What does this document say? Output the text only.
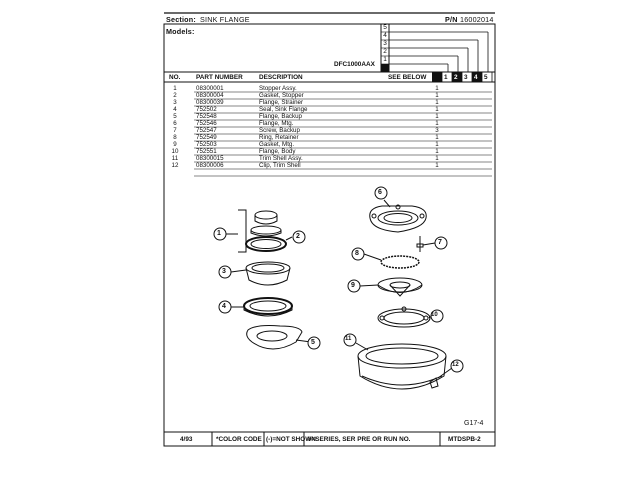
Section: SINK FLANGE	P/N 16002014
Models:
DFC1000AAX
5
4
3
2
1
NO. PART NUMBER	DESCRIPTION	SEE BELOW	1 2 3 4 5
1	08300001	Stopper Assy.	1
2	08300004	Gasket, Stopper	1
3	08300039	Flange, Strainer	1
4	752502	Seal, Sink Flange	1
5	752548	Flange, Backup	1
6	752546	Flange, Mtg.	1
7	752547	Screw, Backup	3
8	752549	Ring, Retainer	1
9	752503	Gasket, Mtg.	1
10	752551	Flange, Body	1
11	08300015	Trim Shell Assy.	1
12	08300006	Clip, Trim Shell	1
1	2
3
4
5
6
7
8
9
10
11
12
G17-4
4/93	*COLOR CODE (-)=NOT SHOWN
#=SERIES, SER PRE OR RUN NO.	MTDSPB-2
